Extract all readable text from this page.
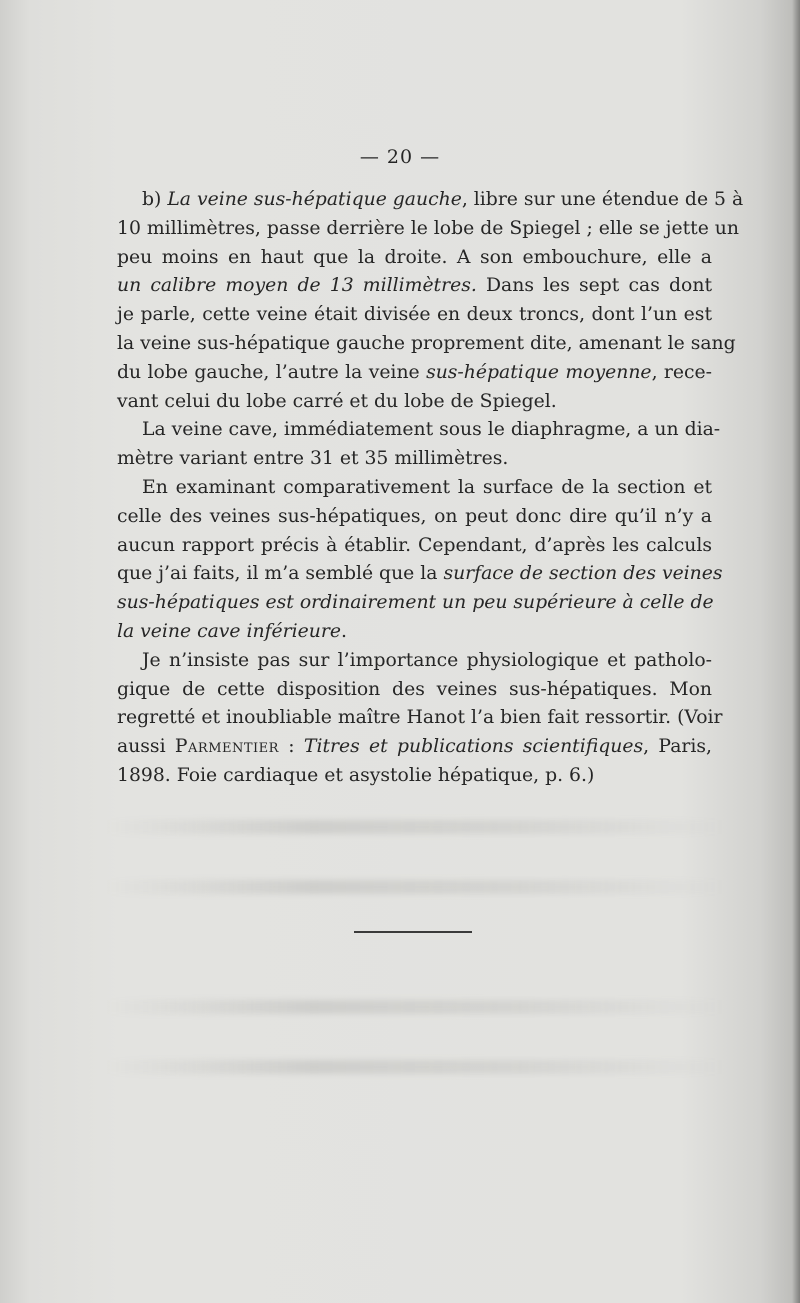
— 20 —

b) La veine sus-hépatique gauche, libre sur une étendue de 5 à
10 millimètres, passe derrière le lobe de Spiegel ; elle se jette un
peu moins en haut que la droite. A son embouchure, elle a
un calibre moyen de 13 millimètres. Dans les sept cas dont
je parle, cette veine était divisée en deux troncs, dont l’un est
la veine sus-hépatique gauche proprement dite, amenant le sang
du lobe gauche, l’autre la veine sus-hépatique moyenne, rece-
vant celui du lobe carré et du lobe de Spiegel.

La veine cave, immédiatement sous le diaphragme, a un dia-
mètre variant entre 31 et 35 millimètres.

En examinant comparativement la surface de la section et
celle des veines sus-hépatiques, on peut donc dire qu’il n’y a
aucun rapport précis à établir. Cependant, d’après les calculs
que j’ai faits, il m’a semblé que la surface de section des veines
sus-hépatiques est ordinairement un peu supérieure à celle de
la veine cave inférieure.

Je n’insiste pas sur l’importance physiologique et patholo-
gique de cette disposition des veines sus-hépatiques. Mon
regretté et inoubliable maître Hanot l’a bien fait ressortir. (Voir
aussi Parmentier : Titres et publications scientifiques, Paris,
1898. Foie cardiaque et asystolie hépatique, p. 6.)
